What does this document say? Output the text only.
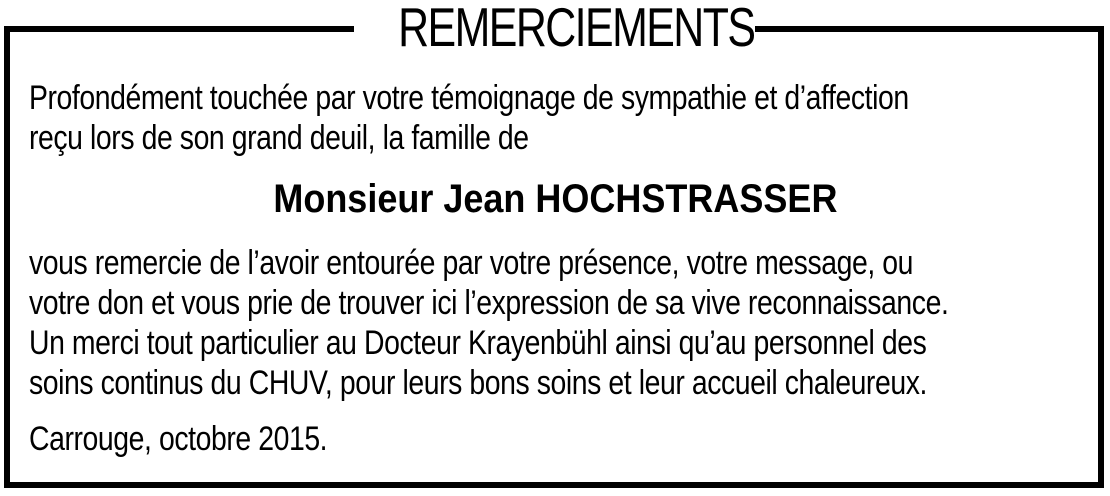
REMERCIEMENTS
Profondément touchée par votre témoignage de sympathie et d’affection
reçu lors de son grand deuil, la famille de
Monsieur Jean HOCHSTRASSER
vous remercie de l’avoir entourée par votre présence, votre message, ou
votre don et vous prie de trouver ici l’expression de sa vive reconnaissance.
Un merci tout particulier au Docteur Krayenbühl ainsi qu’au personnel des
soins continus du CHUV, pour leurs bons soins et leur accueil chaleureux.
Carrouge, octobre 2015.
